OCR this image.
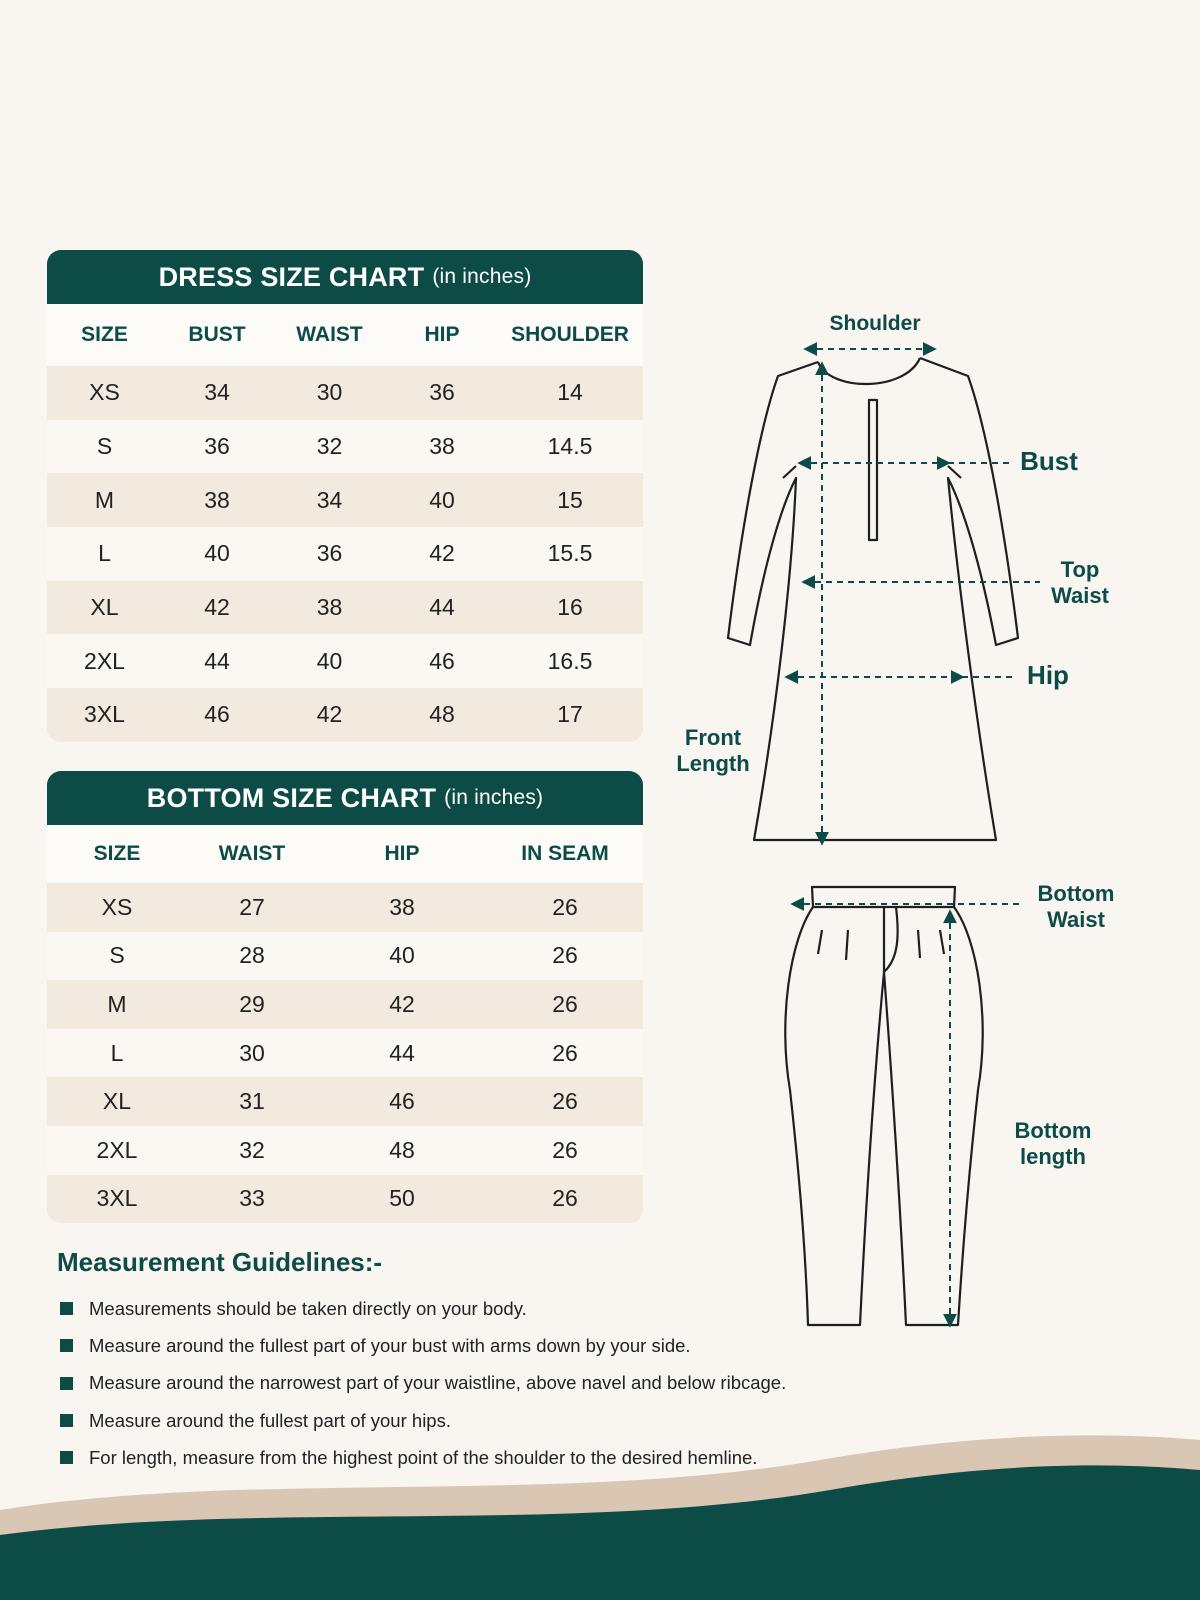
DRESS SIZE CHART (in inches)
SIZE	BUST	WAIST	HIP	SHOULDER
XS	34	30	36	14
S	36	32	38	14.5
M	38	34	40	15
L	40	36	42	15.5
XL	42	38	44	16
2XL	44	40	46	16.5
3XL	46	42	48	17
BOTTOM SIZE CHART (in inches)
SIZE	WAIST	HIP	IN SEAM
XS	27	38	26
S	28	40	26
M	29	42	26
L	30	44	26
XL	31	46	26
2XL	32	48	26
3XL	33	50	26
Measurement Guidelines:-
Measurements should be taken directly on your body.
Measure around the fullest part of your bust with arms down by your side.
Measure around the narrowest part of your waistline, above navel and below ribcage.
Measure around the fullest part of your hips.
For length, measure from the highest point of the shoulder to the desired hemline.
Shoulder
Bust
Top
Waist
Hip
Front
Length
Bottom
Waist
Bottom
length
